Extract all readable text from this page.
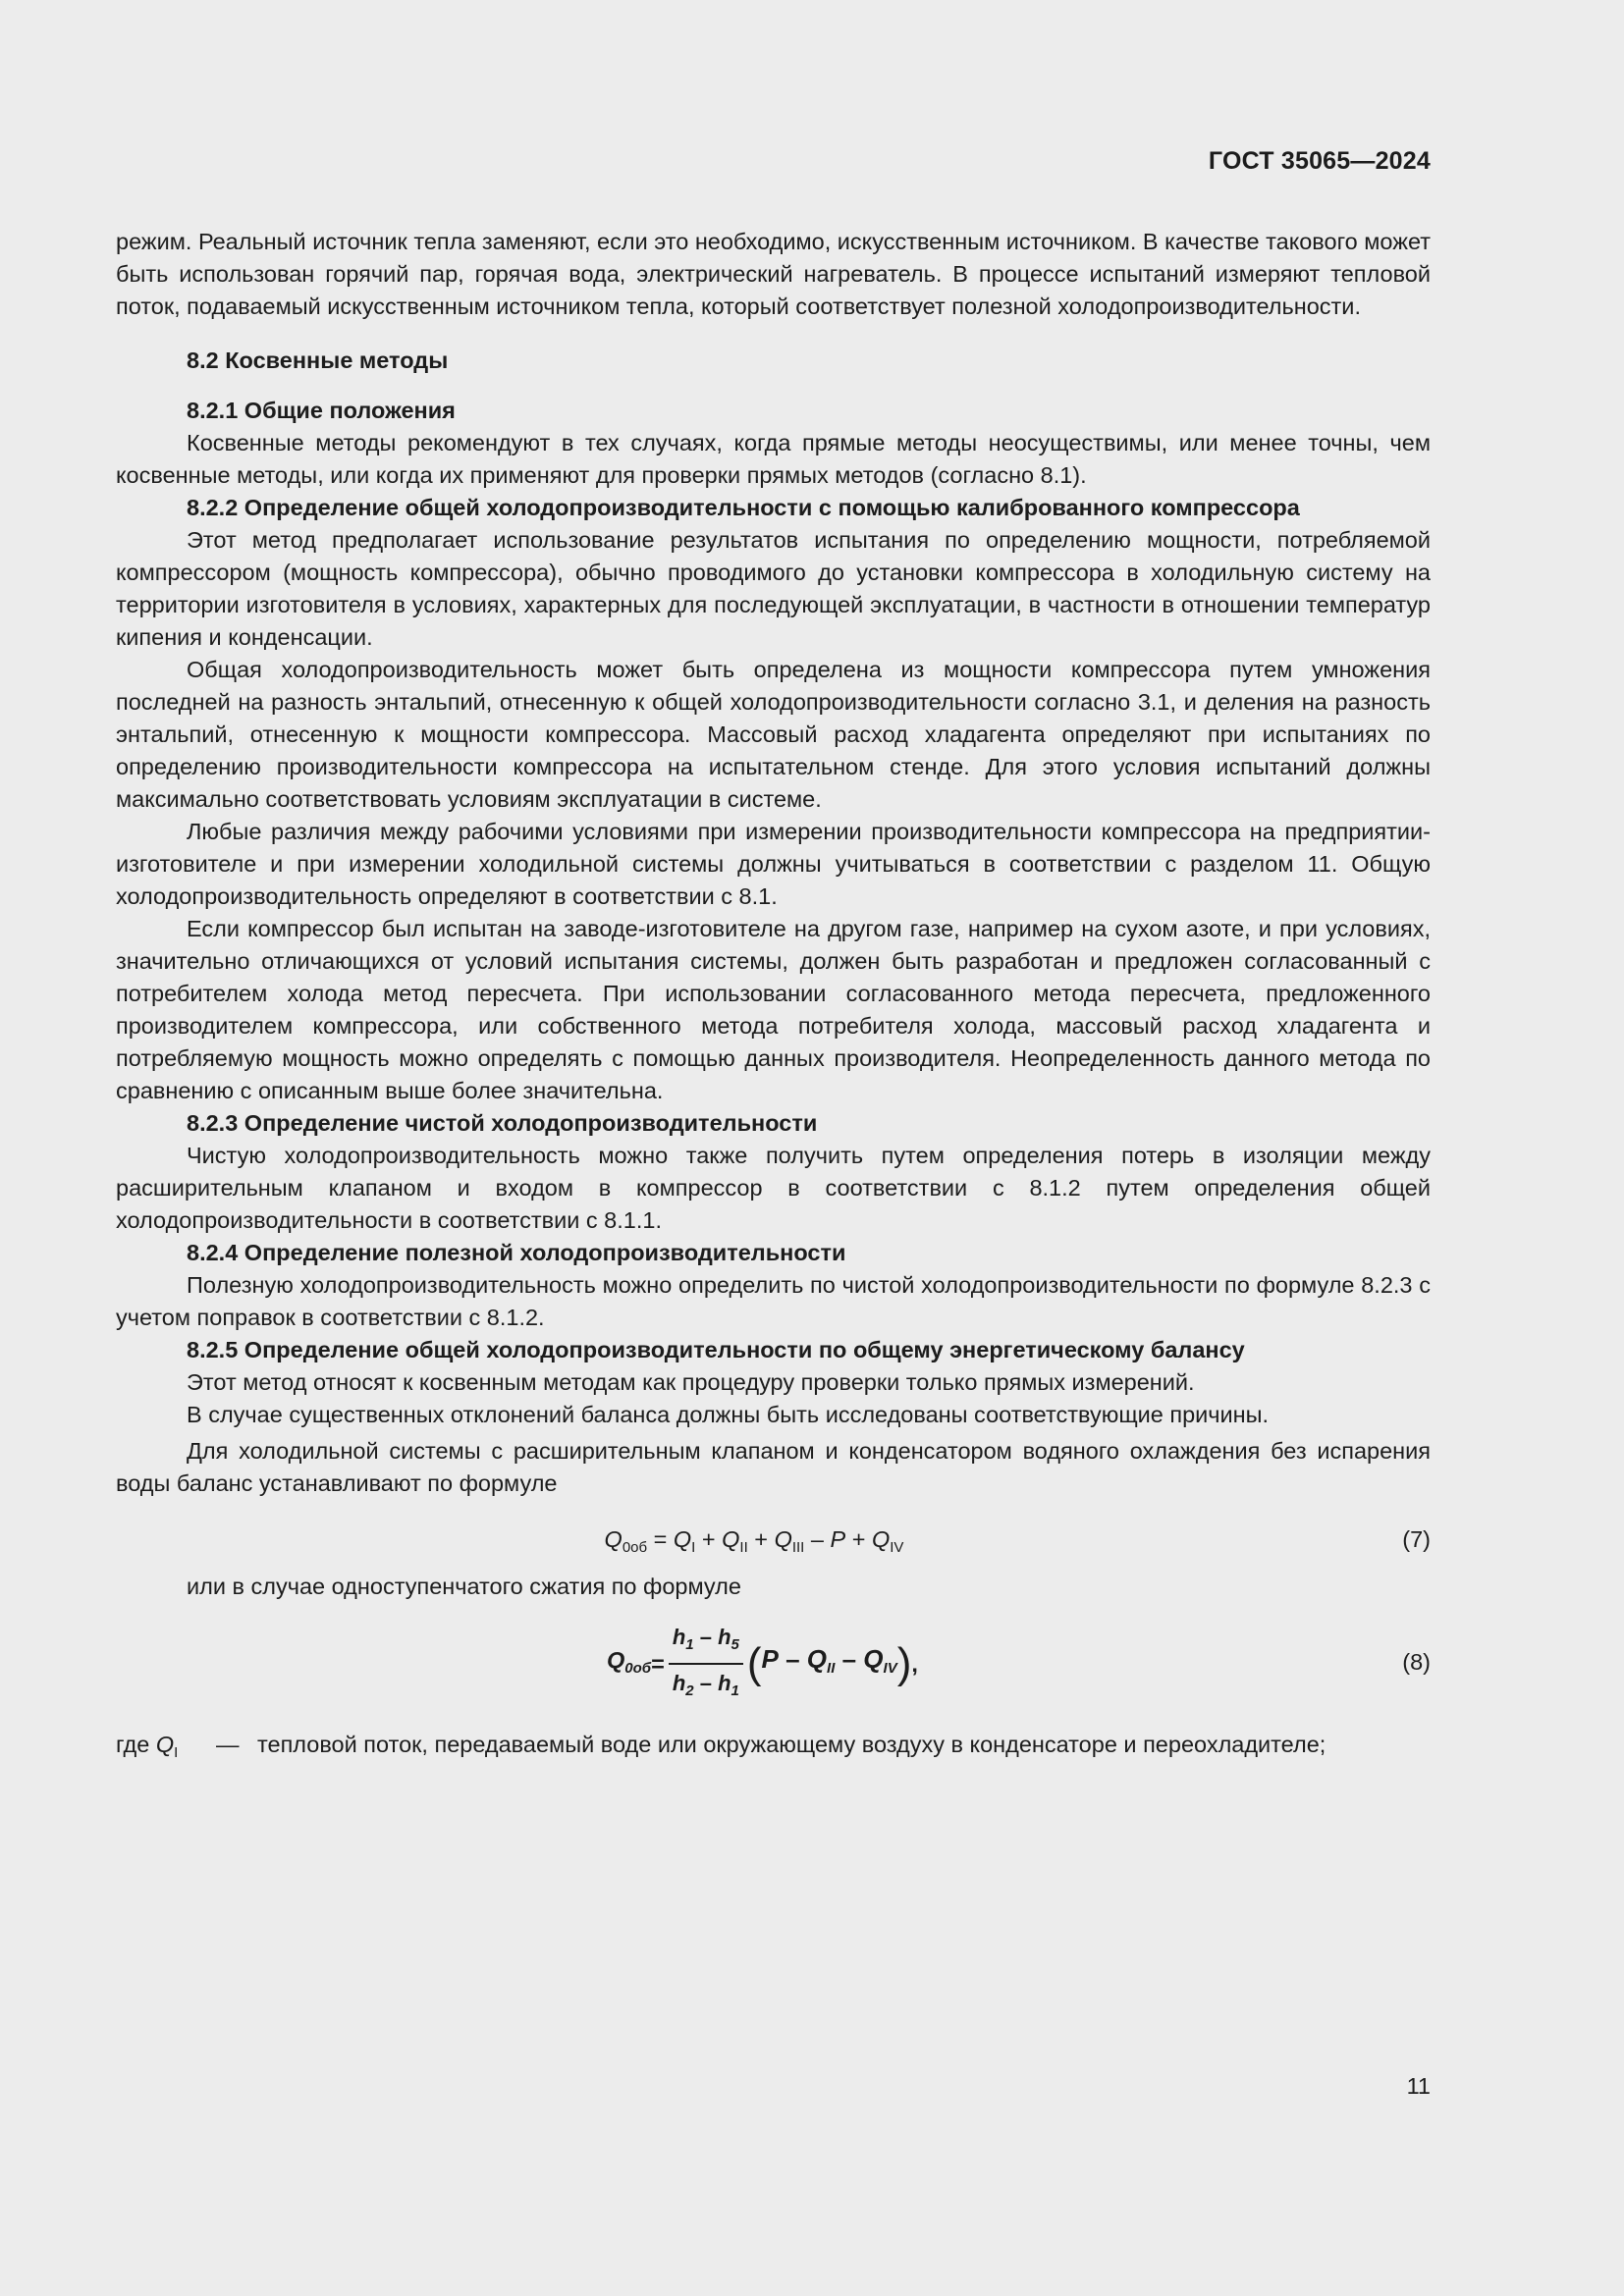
ГОСТ 35065—2024

режим. Реальный источник тепла заменяют, если это необходимо, искусственным источником. В качестве такового может быть использован горячий пар, горячая вода, электрический нагреватель. В процессе испытаний измеряют тепловой поток, подаваемый искусственным источником тепла, который соответствует полезной холодопроизводительности.

8.2 Косвенные методы

8.2.1 Общие положения

Косвенные методы рекомендуют в тех случаях, когда прямые методы неосуществимы, или менее точны, чем косвенные методы, или когда их применяют для проверки прямых методов (согласно 8.1).

8.2.2 Определение общей холодопроизводительности с помощью калиброванного компрессора

Этот метод предполагает использование результатов испытания по определению мощности, потребляемой компрессором (мощность компрессора), обычно проводимого до установки компрессора в холодильную систему на территории изготовителя в условиях, характерных для последующей эксплуатации, в частности в отношении температур кипения и конденсации.

Общая холодопроизводительность может быть определена из мощности компрессора путем умножения последней на разность энтальпий, отнесенную к общей холодопроизводительности согласно 3.1, и деления на разность энтальпий, отнесенную к мощности компрессора. Массовый расход хладагента определяют при испытаниях по определению производительности компрессора на испытательном стенде. Для этого условия испытаний должны максимально соответствовать условиям эксплуатации в системе.

Любые различия между рабочими условиями при измерении производительности компрессора на предприятии-изготовителе и при измерении холодильной системы должны учитываться в соответствии с разделом 11. Общую холодопроизводительность определяют в соответствии с 8.1.

Если компрессор был испытан на заводе-изготовителе на другом газе, например на сухом азоте, и при условиях, значительно отличающихся от условий испытания системы, должен быть разработан и предложен согласованный с потребителем холода метод пересчета. При использовании согласованного метода пересчета, предложенного производителем компрессора, или собственного метода потребителя холода, массовый расход хладагента и потребляемую мощность можно определять с помощью данных производителя. Неопределенность данного метода по сравнению с описанным выше более значительна.

8.2.3 Определение чистой холодопроизводительности

Чистую холодопроизводительность можно также получить путем определения потерь в изоляции между расширительным клапаном и входом в компрессор в соответствии с 8.1.2 путем определения общей холодопроизводительности в соответствии с 8.1.1.

8.2.4 Определение полезной холодопроизводительности

Полезную холодопроизводительность можно определить по чистой холодопроизводительности по формуле 8.2.3 с учетом поправок в соответствии с 8.1.2.

8.2.5 Определение общей холодопроизводительности по общему энергетическому балансу

Этот метод относят к косвенным методам как процедуру проверки только прямых измерений.

В случае существенных отклонений баланса должны быть исследованы соответствующие причины.

Для холодильной системы с расширительным клапаном и конденсатором водяного охлаждения без испарения воды баланс устанавливают по формуле

$Q_{0об} = Q_I + Q_{II} + Q_{III} - P + Q_{IV}$	(7)

или в случае одноступенчатого сжатия по формуле

$Q_{0об} = \frac{h_1 - h_5}{h_2 - h_1}$ ( P – $Q_{II} - Q_{IV}$ ) ,	(8)
где $Q_I$	— тепловой поток, передаваемый воде или окружающему воздуху в конденсаторе и переохладителе;
11
